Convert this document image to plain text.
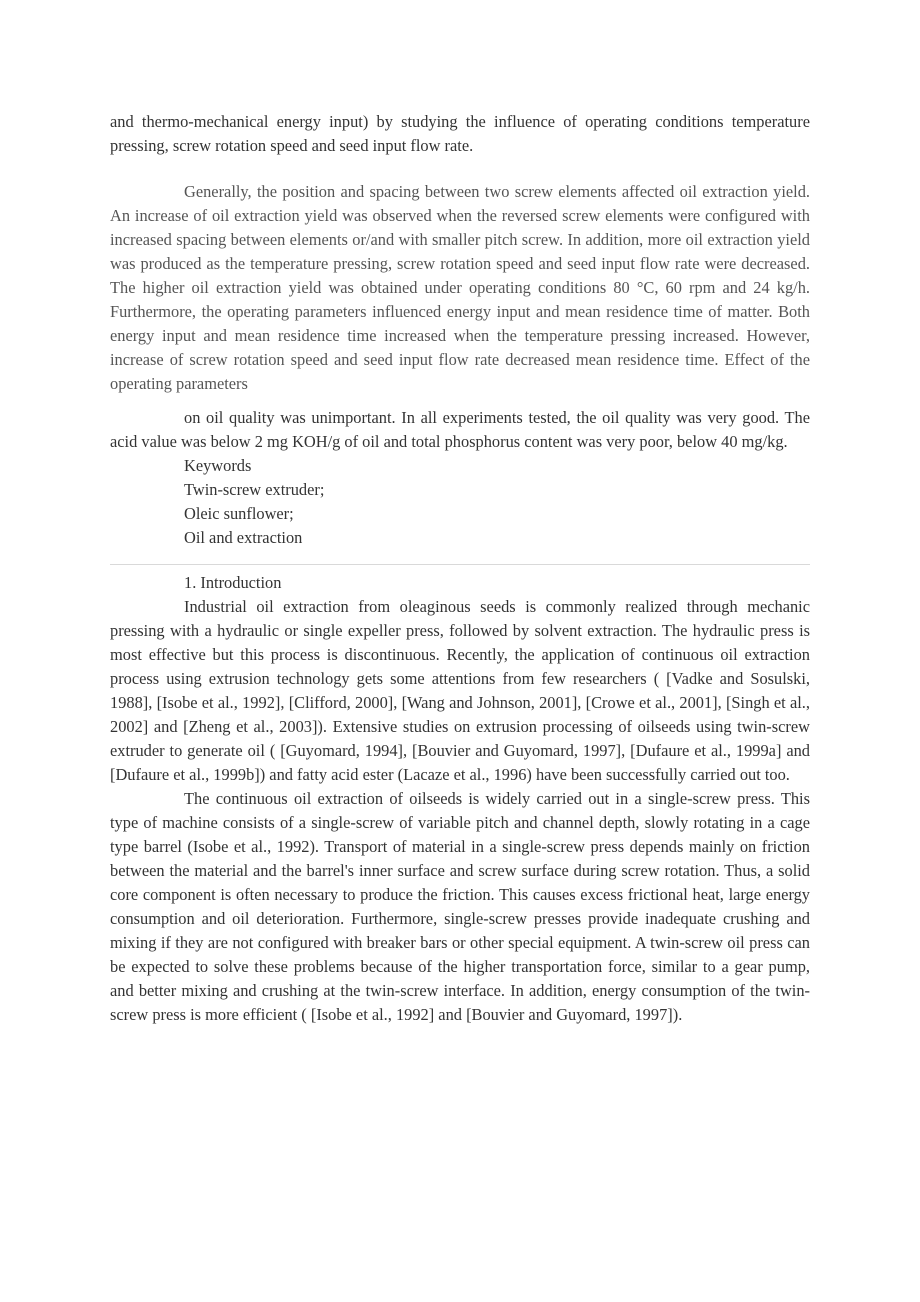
and thermo-mechanical energy input) by studying the influence of operating conditions temperature pressing, screw rotation speed and seed input flow rate.

Generally, the position and spacing between two screw elements affected oil extraction yield. An increase of oil extraction yield was observed when the reversed screw elements were configured with increased spacing between elements or/and with smaller pitch screw. In addition, more oil extraction yield was produced as the temperature pressing, screw rotation speed and seed input flow rate were decreased. The higher oil extraction yield was obtained under operating conditions 80 °C, 60 rpm and 24 kg/h. Furthermore, the operating parameters influenced energy input and mean residence time of matter. Both energy input and mean residence time increased when the temperature pressing increased. However, increase of screw rotation speed and seed input flow rate decreased mean residence time. Effect of the operating parameters

on oil quality was unimportant. In all experiments tested, the oil quality was very good. The acid value was below 2 mg KOH/g of oil and total phosphorus content was very poor, below 40 mg/kg.

Keywords

Twin-screw extruder;

Oleic sunflower;

Oil and extraction

1. Introduction

Industrial oil extraction from oleaginous seeds is commonly realized through mechanic pressing with a hydraulic or single expeller press, followed by solvent extraction. The hydraulic press is most effective but this process is discontinuous. Recently, the application of continuous oil extraction process using extrusion technology gets some attentions from few researchers ( [Vadke and Sosulski, 1988], [Isobe et al., 1992], [Clifford, 2000], [Wang and Johnson, 2001], [Crowe et al., 2001], [Singh et al., 2002] and [Zheng et al., 2003]). Extensive studies on extrusion processing of oilseeds using twin-screw extruder to generate oil ( [Guyomard, 1994], [Bouvier and Guyomard, 1997], [Dufaure et al., 1999a] and [Dufaure et al., 1999b]) and fatty acid ester (Lacaze et al., 1996) have been successfully carried out too.

The continuous oil extraction of oilseeds is widely carried out in a single-screw press. This type of machine consists of a single-screw of variable pitch and channel depth, slowly rotating in a cage type barrel (Isobe et al., 1992). Transport of material in a single-screw press depends mainly on friction between the material and the barrel's inner surface and screw surface during screw rotation. Thus, a solid core component is often necessary to produce the friction. This causes excess frictional heat, large energy consumption and oil deterioration. Furthermore, single-screw presses provide inadequate crushing and mixing if they are not configured with breaker bars or other special equipment. A twin-screw oil press can be expected to solve these problems because of the higher transportation force, similar to a gear pump, and better mixing and crushing at the twin-screw interface. In addition, energy consumption of the twin-screw press is more efficient ( [Isobe et al., 1992] and [Bouvier and Guyomard, 1997]).
